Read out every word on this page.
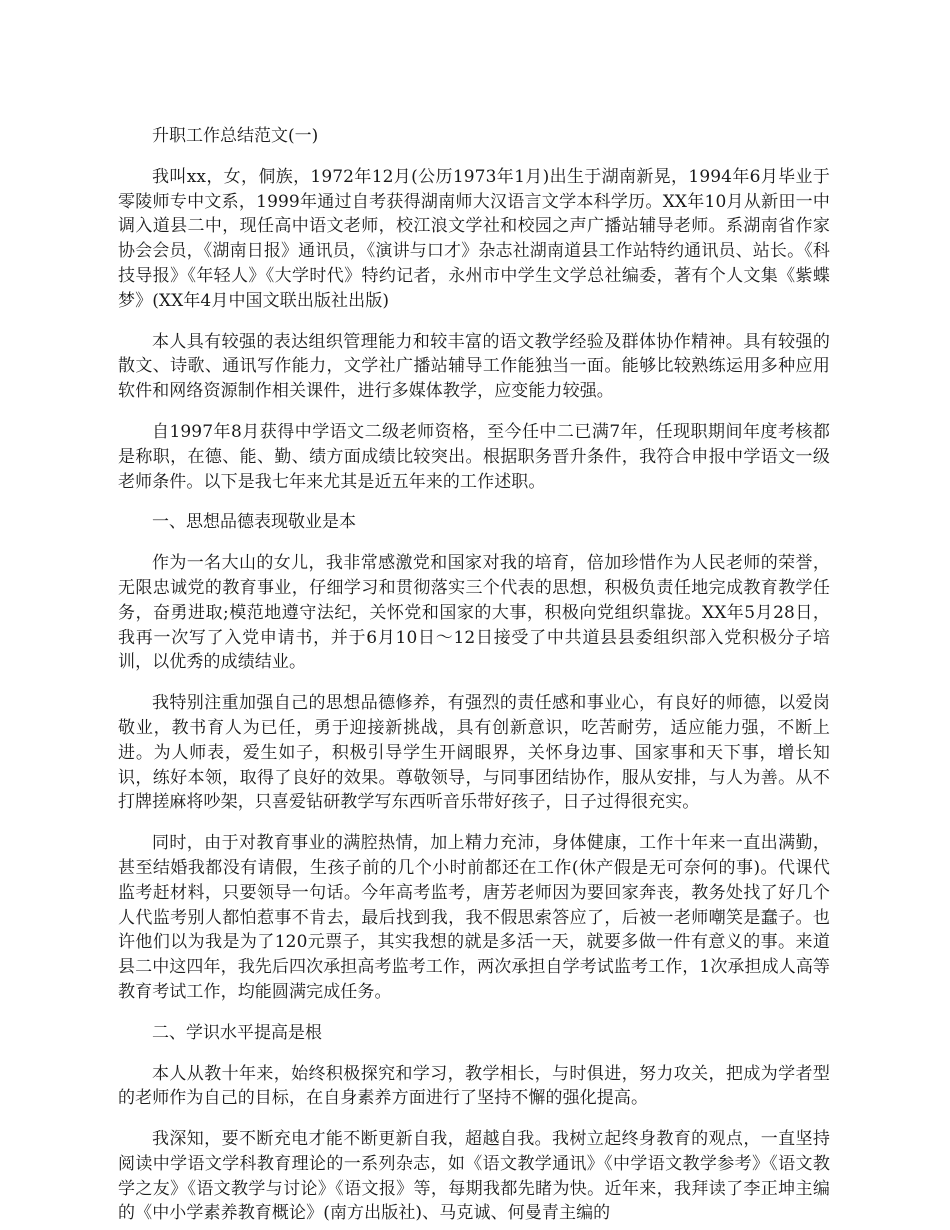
升职工作总结范文(一)

我叫xx，女，侗族，1972年12月(公历1973年1月)出生于湖南新晃，1994年6月毕业于零陵师专中文系，1999年通过自考获得湖南师大汉语言文学本科学历。XX年10月从新田一中调入道县二中，现任高中语文老师，校江浪文学社和校园之声广播站辅导老师。系湖南省作家协会会员，《湖南日报》通讯员，《演讲与口才》杂志社湖南道县工作站特约通讯员、站长。《科技导报》《年轻人》《大学时代》特约记者，永州市中学生文学总社编委，著有个人文集《紫蝶梦》(XX年4月中国文联出版社出版)

本人具有较强的表达组织管理能力和较丰富的语文教学经验及群体协作精神。具有较强的散文、诗歌、通讯写作能力，文学社广播站辅导工作能独当一面。能够比较熟练运用多种应用软件和网络资源制作相关课件，进行多媒体教学，应变能力较强。

自1997年8月获得中学语文二级老师资格，至今任中二已满7年，任现职期间年度考核都是称职，在德、能、勤、绩方面成绩比较突出。根据职务晋升条件，我符合申报中学语文一级老师条件。以下是我七年来尤其是近五年来的工作述职。

一、思想品德表现敬业是本

作为一名大山的女儿，我非常感激党和国家对我的培育，倍加珍惜作为人民老师的荣誉，无限忠诚党的教育事业，仔细学习和贯彻落实三个代表的思想，积极负责任地完成教育教学任务，奋勇进取;模范地遵守法纪，关怀党和国家的大事，积极向党组织靠拢。XX年5月28日，我再一次写了入党申请书，并于6月10日～12日接受了中共道县县委组织部入党积极分子培训，以优秀的成绩结业。

我特别注重加强自己的思想品德修养，有强烈的责任感和事业心，有良好的师德，以爱岗敬业，教书育人为已任，勇于迎接新挑战，具有创新意识，吃苦耐劳，适应能力强，不断上进。为人师表，爱生如子，积极引导学生开阔眼界，关怀身边事、国家事和天下事，增长知识，练好本领，取得了良好的效果。尊敬领导，与同事团结协作，服从安排，与人为善。从不打牌搓麻将吵架，只喜爱钻研教学写东西听音乐带好孩子，日子过得很充实。

同时，由于对教育事业的满腔热情，加上精力充沛，身体健康，工作十年来一直出满勤，甚至结婚我都没有请假，生孩子前的几个小时前都还在工作(休产假是无可奈何的事)。代课代监考赶材料，只要领导一句话。今年高考监考，唐芳老师因为要回家奔丧，教务处找了好几个人代监考别人都怕惹事不肯去，最后找到我，我不假思索答应了，后被一老师嘲笑是蠢子。也许他们以为我是为了120元票子，其实我想的就是多活一天，就要多做一件有意义的事。来道县二中这四年，我先后四次承担高考监考工作，两次承担自学考试监考工作，1次承担成人高等教育考试工作，均能圆满完成任务。

二、学识水平提高是根

本人从教十年来，始终积极探究和学习，教学相长，与时俱进，努力攻关，把成为学者型的老师作为自己的目标，在自身素养方面进行了坚持不懈的强化提高。

我深知，要不断充电才能不断更新自我，超越自我。我树立起终身教育的观点，一直坚持阅读中学语文学科教育理论的一系列杂志，如《语文教学通讯》《中学语文教学参考》《语文教学之友》《语文教学与讨论》《语文报》等，每期我都先睹为快。近年来，我拜读了李正坤主编的《中小学素养教育概论》(南方出版社)、马克诚、何曼青主编的
